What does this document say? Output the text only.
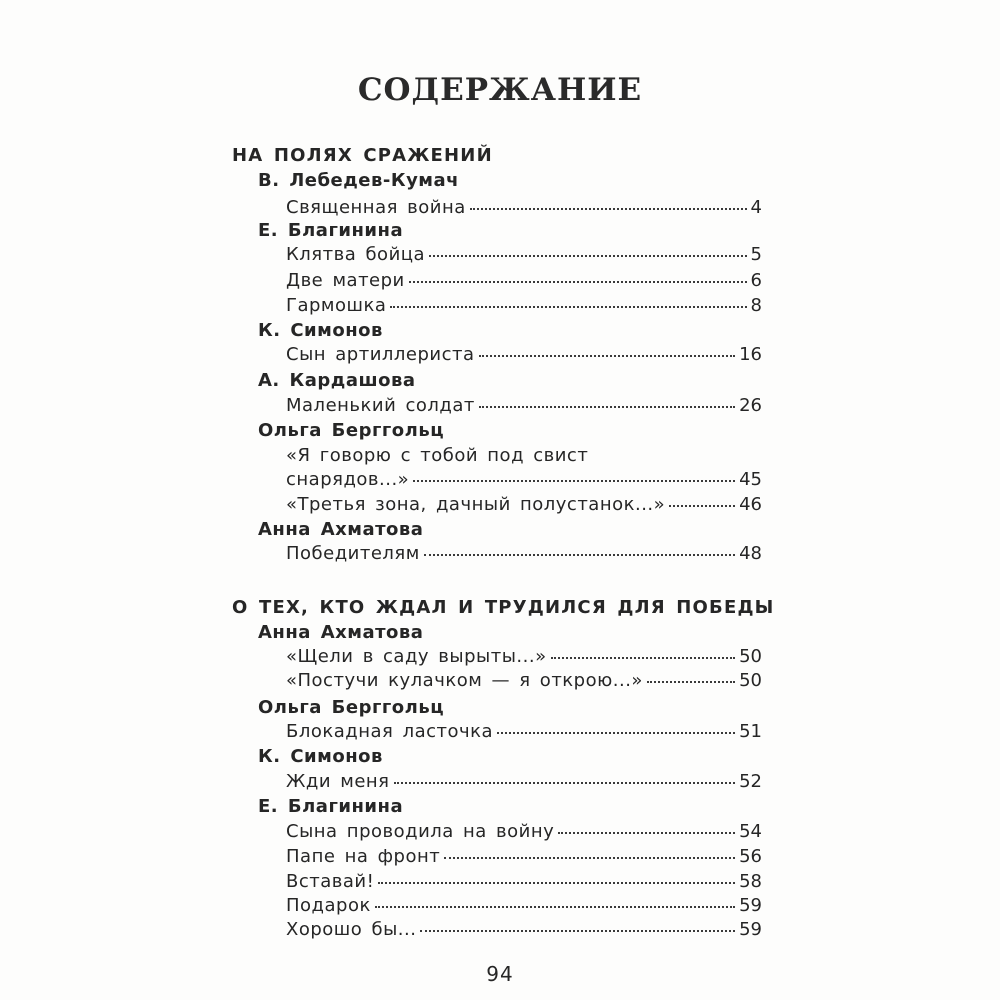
СОДЕРЖАНИЕ
НА ПОЛЯХ СРАЖЕНИЙ
В. Лебедев-Кумач
Священная война	4
Е. Благинина
Клятва бойца	5
Две матери	6
Гармошка	8
К. Симонов
Сын артиллериста	16
А. Кардашова
Маленький солдат	26
Ольга Берггольц
«Я говорю с тобой под свист
снарядов...»	45
«Третья зона, дачный полустанок...»	46
Анна Ахматова
Победителям	48
О ТЕХ, КТО ЖДАЛ И ТРУДИЛСЯ ДЛЯ ПОБЕДЫ
Анна Ахматова
«Щели в саду вырыты...»	50
«Постучи кулачком — я открою...»	50
Ольга Берггольц
Блокадная ласточка	51
К. Симонов
Жди меня	52
Е. Благинина
Сына проводила на войну	54
Папе на фронт	56
Вставай!	58
Подарок	59
Хорошо бы...	59
94
